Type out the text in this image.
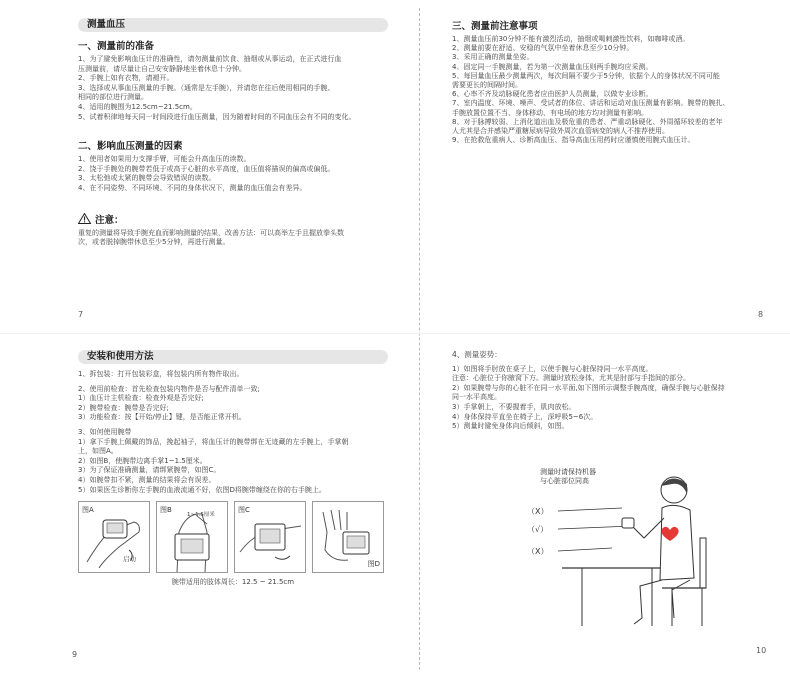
测量血压
一、测量前的准备
1、为了避免影响血压计的准确性，请勿测量前饮食、抽烟或从事运动，在正式进行血
压测量前，请尽量让自己安安静静地坐着休息十分钟。
2、手腕上如有衣物，请褪开。
3、选择或从事血压测量的手腕。（通常是左手腕），并请您在往后使用相同的手腕、
相同的部位进行测量。
4、适用的腕围为12.5cm~21.5cm。
5、试着积律地每天同一时间段进行血压测量，因为随着时间的不同血压会有不同的变化。
二、影响血压测量的因素
1、使用者如果用力支撑手臂，可能会升高血压的读数。
2、饶于手腕处的腕带若低于或高于心脏的水平高度，血压值将描误的偏高或偏低。
3、太松弛或太紧的腕带会导致错误的读数。
4、在不同姿势、不同环境、不同的身体状况下，测量的血压值会有差异。
注意：
重复的测量将导致手腕充血而影响测量的结果，改善方法：可以高举左手且握放拳头数
次，或者脱掉腕带休息至少5分钟，再进行测量。
7
三、测量前注意事项
1、测量血压前30分钟不能有激烈活动，抽烟或喝刺激性饮料，如咖啡或酒。
2、测量前要在舒适、安稳的气氛中坐着休息至少10分钟。
3、采用正确的测量坐姿。
4、固定同一手腕测量，若为第一次测量血压则两手腕均应采测。
5、每回量血压最少测量两次，每次间隔不要少于5分钟，依据个人的身体状况不同可能
需要更长的间隔时间。
6、心率不齐及动脉硬化患者应由医护人员测量，以做专业诊断。
7、室内温度、环境、噪声、受试者的体位、讲话和运动对血压测量有影响。腕带的腕扎、
手腕放置位置不当、身体移动、有电场的地方均对测量有影响。
8、对于脉搏较弱、上消化道出血及极危重的患者、严重动脉硬化、外周循环较差的老年
人尤其是合并感染严重糖尿病导致外周次血管病变的病人不推荐使用。
9、在抢救危重病人、诊断高血压、指导高血压用药时应谨慎使用腕式血压计。
8
安装和使用方法
1、拆包装：打开包装彩盒，将包装内所有物件取出。
2、使用前检查：首先检查包装内物件是否与配件清单一致;
1）血压计主机检查：检查外观是否完好;
2）腕带检查：腕带是否完好;
3）功能检查：按【开始/停止】键，是否能正常开机。
3、如何使用腕带
1）拿下手腕上佩戴的饰品，挽起袖子，将血压计的腕带绑在无迹藏的左手腕上，手掌朝
上，如图A。
2）如图B，使腕带边离手掌1~1.5厘米。
3）为了保证准确测量，请绑紧腕带，如图C。
4）如腕带扣不紧，测量的结果将会有误差。
5）如果医生诊断你左手腕的血液流通不好，依图D将腕带缠绕在你的右手腕上。
图A
启动
图B
1~1.5厘米
图C
图D
腕带适用的肢体周长：12.5 ~ 21.5cm
9
4、测量姿势：
1）如图将手肘放在桌子上，以使手腕与心脏保持同一水平高度。
注意：心脏位于你腋窝下方。测量时放松身体，尤其是肘部与手指间的部分。
2）如果腕带与你的心脏不在同一水平面,如下图所示调整手腕高度，确保手腕与心脏保持
同一水平高度。
3）手掌朝上，不要握着手，肌肉放松。
4）身体保持平直坐在椅子上，深呼吸5~6次。
5）测量时避免身体向后倾斜，如图。
测量时请保持机器
与心脏部位同高
（X）
（√）
（X）
10
